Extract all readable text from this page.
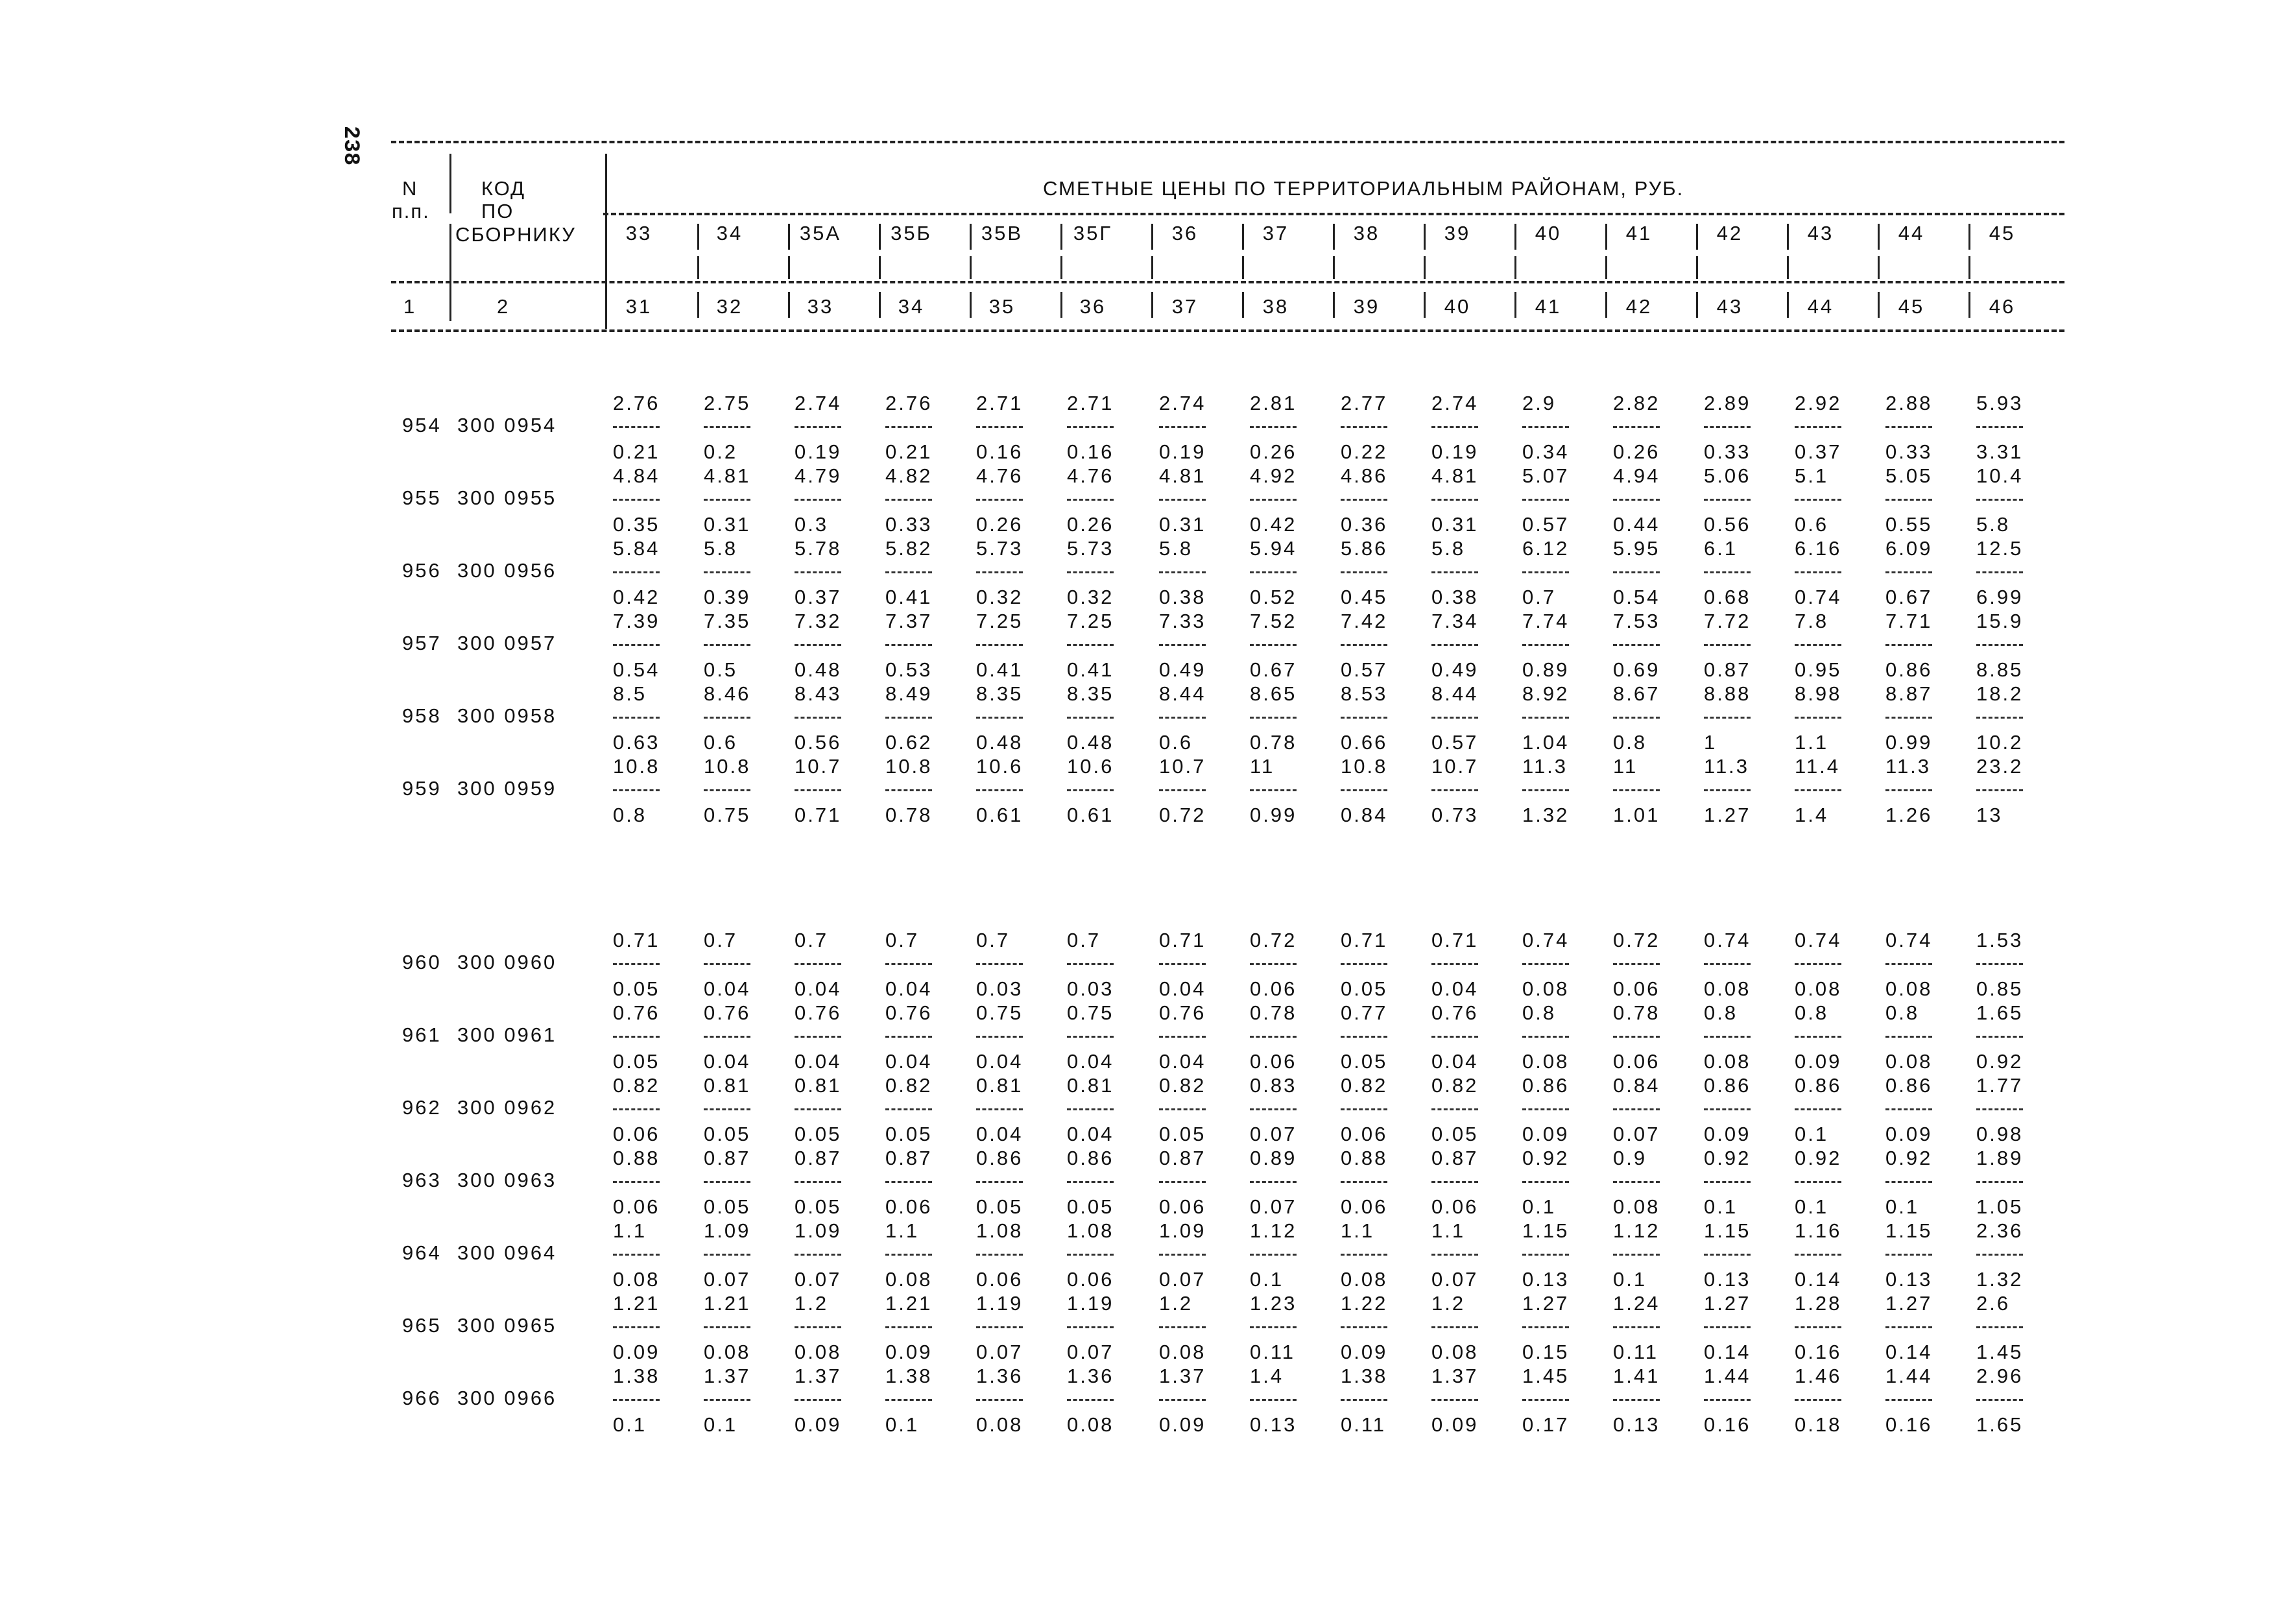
238
N
п.п.
КОД
ПО
СБОРНИКУ
СМЕТНЫЕ ЦЕНЫ ПО ТЕРРИТОРИАЛЬНЫМ РАЙОНАМ, РУБ.
1	2
33	34	35А	35Б	35В	35Г	36	37	38	39	40	41	42	43	44	45
31	32	33	34	35	36	37	38	39	40	41	42	43	44	45	46
954 300 0954
2.76 2.75 2.74 2.76 2.71 2.71 2.74 2.81 2.77 2.74 2.9	2.82 2.89 2.92 2.88 5.93
0.21 0.2	0.19 0.21 0.16 0.16 0.19 0.26 0.22 0.19 0.34 0.26 0.33 0.37 0.33 3.31
955 300 0955
4.84 4.81 4.79 4.82 4.76 4.76 4.81 4.92 4.86 4.81 5.07 4.94 5.06 5.1	5.05 10.4
0.35 0.31 0.3	0.33 0.26 0.26 0.31 0.42 0.36 0.31 0.57 0.44 0.56 0.6	0.55 5.8
956 300 0956
5.84 5.8	5.78 5.82 5.73 5.73 5.8	5.94 5.86 5.8	6.12 5.95 6.1	6.16 6.09 12.5
0.42 0.39 0.37 0.41 0.32 0.32 0.38 0.52 0.45 0.38 0.7	0.54 0.68 0.74 0.67 6.99
957 300 0957
7.39 7.35 7.32 7.37 7.25 7.25 7.33 7.52 7.42 7.34 7.74 7.53 7.72 7.8	7.71 15.9
0.54 0.5	0.48 0.53 0.41 0.41 0.49 0.67 0.57 0.49 0.89 0.69 0.87 0.95 0.86 8.85
958 300 0958
8.5	8.46 8.43 8.49 8.35 8.35 8.44 8.65 8.53 8.44 8.92 8.67 8.88 8.98 8.87 18.2
0.63 0.6	0.56 0.62 0.48 0.48 0.6	0.78 0.66 0.57 1.04 0.8	1	1.1	0.99 10.2
959 300 0959
10.8 10.8 10.7 10.8 10.6 10.6 10.7 11	10.8 10.7 11.3 11	11.3 11.4 11.3 23.2
0.8	0.75 0.71 0.78 0.61 0.61 0.72 0.99 0.84 0.73 1.32 1.01 1.27 1.4	1.26 13
960 300 0960
0.71 0.7	0.7	0.7	0.7	0.7	0.71 0.72 0.71 0.71 0.74 0.72 0.74 0.74 0.74 1.53
0.05 0.04 0.04 0.04 0.03 0.03 0.04 0.06 0.05 0.04 0.08 0.06 0.08 0.08 0.08 0.85
961 300 0961
0.76 0.76 0.76 0.76 0.75 0.75 0.76 0.78 0.77 0.76 0.8	0.78 0.8	0.8	0.8	1.65
0.05 0.04 0.04 0.04 0.04 0.04 0.04 0.06 0.05 0.04 0.08 0.06 0.08 0.09 0.08 0.92
962 300 0962
0.82 0.81 0.81 0.82 0.81 0.81 0.82 0.83 0.82 0.82 0.86 0.84 0.86 0.86 0.86 1.77
0.06 0.05 0.05 0.05 0.04 0.04 0.05 0.07 0.06 0.05 0.09 0.07 0.09 0.1	0.09 0.98
963 300 0963
0.88 0.87 0.87 0.87 0.86 0.86 0.87 0.89 0.88 0.87 0.92 0.9	0.92 0.92 0.92 1.89
0.06 0.05 0.05 0.06 0.05 0.05 0.06 0.07 0.06 0.06 0.1	0.08 0.1	0.1	0.1	1.05
964 300 0964
1.1	1.09 1.09 1.1	1.08 1.08 1.09 1.12 1.1	1.1	1.15 1.12 1.15 1.16 1.15 2.36
0.08 0.07 0.07 0.08 0.06 0.06 0.07 0.1	0.08 0.07 0.13 0.1	0.13 0.14 0.13 1.32
965 300 0965
1.21 1.21 1.2	1.21 1.19 1.19 1.2	1.23 1.22 1.2	1.27 1.24 1.27 1.28 1.27 2.6
0.09 0.08 0.08 0.09 0.07 0.07 0.08 0.11 0.09 0.08 0.15 0.11 0.14 0.16 0.14 1.45
966 300 0966
1.38 1.37 1.37 1.38 1.36 1.36 1.37 1.4	1.38 1.37 1.45 1.41 1.44 1.46 1.44 2.96
0.1	0.1	0.09 0.1	0.08 0.08 0.09 0.13 0.11 0.09 0.17 0.13 0.16 0.18 0.16 1.65
